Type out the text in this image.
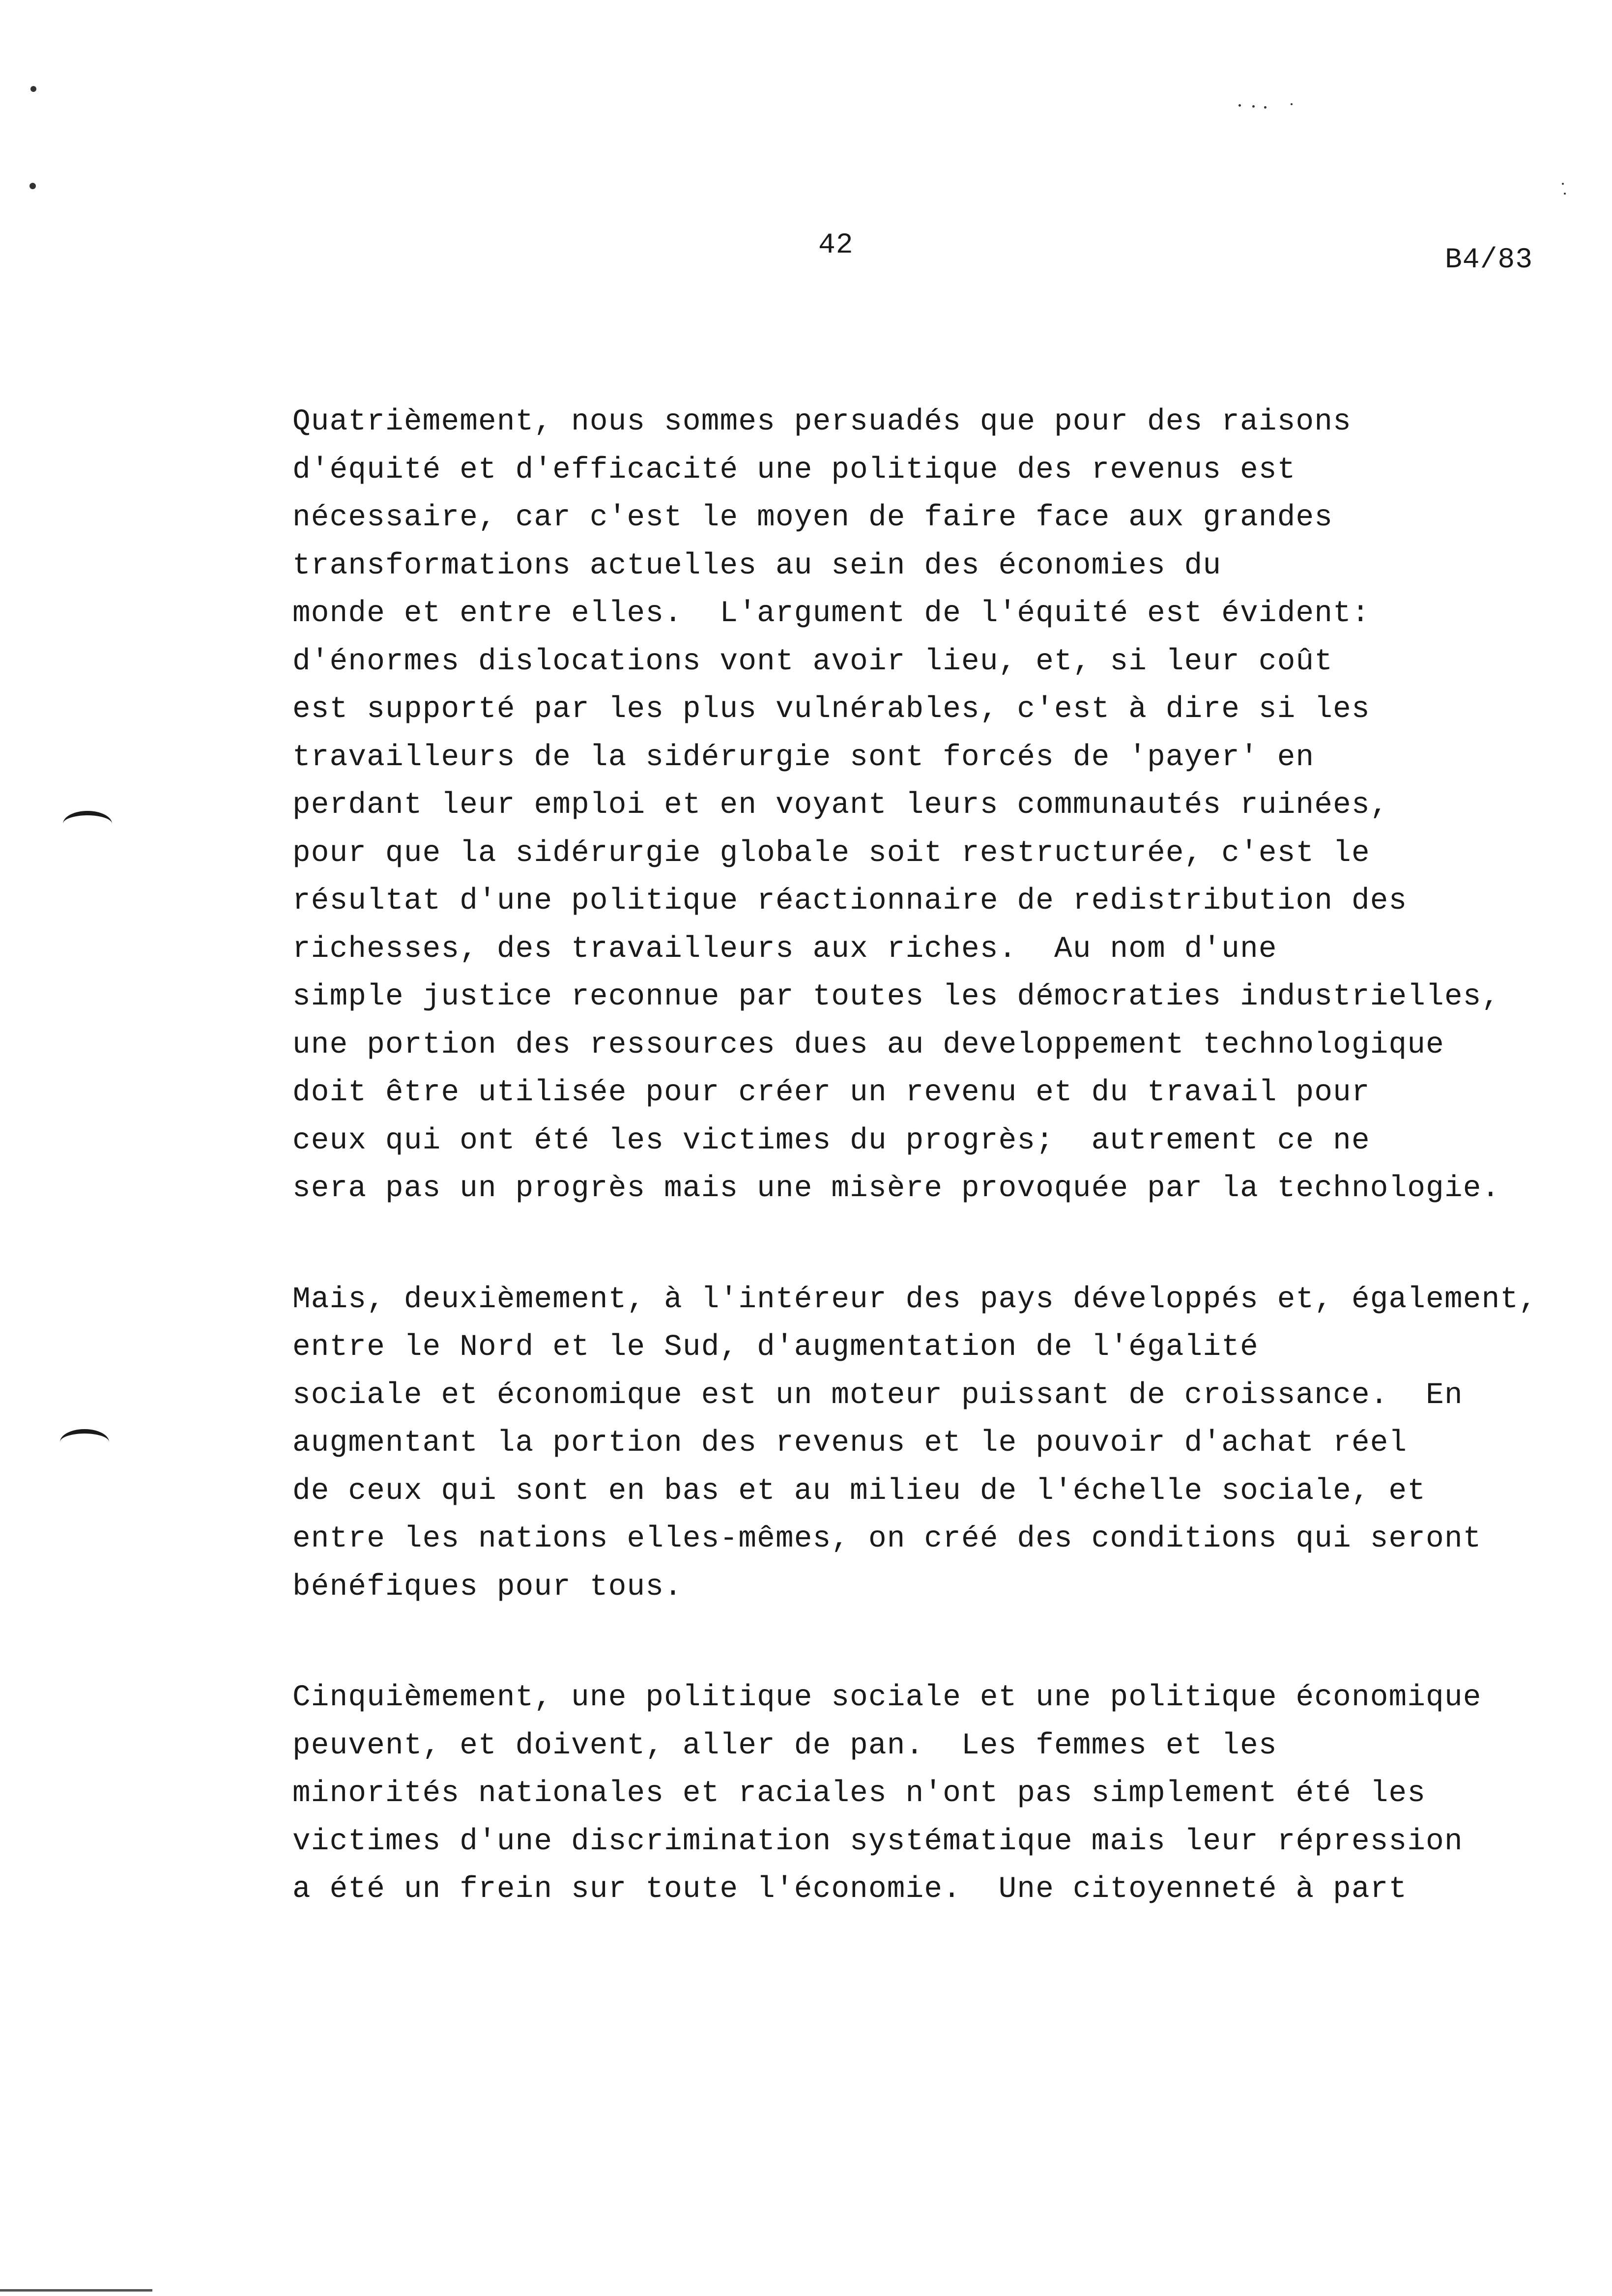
42	B4/83
Quatrièmement, nous sommes persuadés que pour des raisons
d'équité et d'efficacité une politique des revenus est
nécessaire, car c'est le moyen de faire face aux grandes
transformations actuelles au sein des économies du
monde et entre elles.  L'argument de l'équité est évident:
d'énormes dislocations vont avoir lieu, et, si leur coût
est supporté par les plus vulnérables, c'est à dire si les
travailleurs de la sidérurgie sont forcés de 'payer' en
perdant leur emploi et en voyant leurs communautés ruinées,
pour que la sidérurgie globale soit restructurée, c'est le
résultat d'une politique réactionnaire de redistribution des
richesses, des travailleurs aux riches.  Au nom d'une
simple justice reconnue par toutes les démocraties industrielles,
une portion des ressources dues au developpement technologique
doit être utilisée pour créer un revenu et du travail pour
ceux qui ont été les victimes du progrès;  autrement ce ne
sera pas un progrès mais une misère provoquée par la technologie.
Mais, deuxièmement, à l'intéreur des pays développés et, également,
entre le Nord et le Sud, d'augmentation de l'égalité
sociale et économique est un moteur puissant de croissance.  En
augmentant la portion des revenus et le pouvoir d'achat réel
de ceux qui sont en bas et au milieu de l'échelle sociale, et
entre les nations elles-mêmes, on créé des conditions qui seront
bénéfiques pour tous.
Cinquièmement, une politique sociale et une politique économique
peuvent, et doivent, aller de pan.  Les femmes et les
minorités nationales et raciales n'ont pas simplement été les
victimes d'une discrimination systématique mais leur répression
a été un frein sur toute l'économie.  Une citoyenneté à part
